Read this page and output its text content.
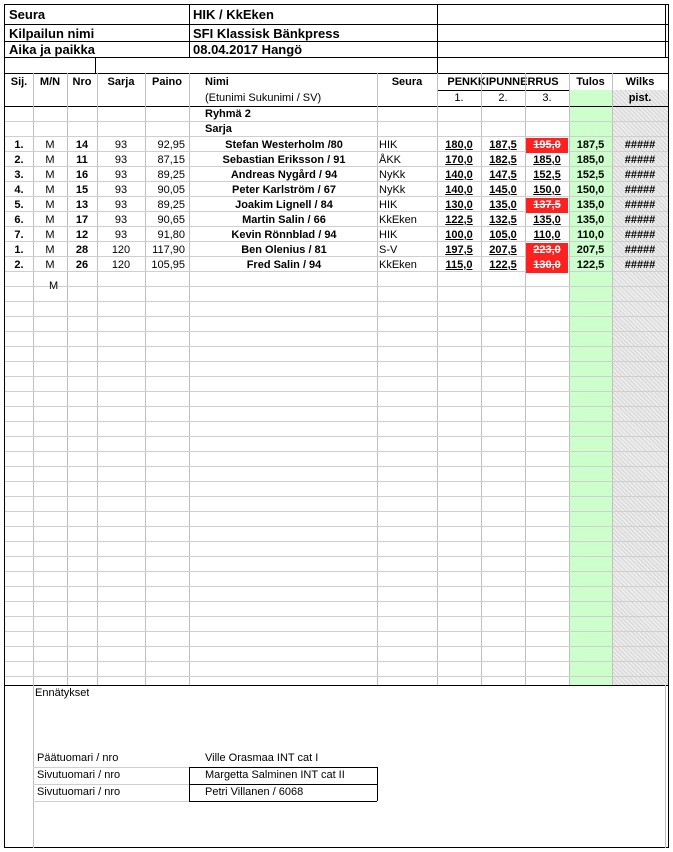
Seura	HIK / KkEken
Kilpailun nimi	SFI Klassisk Bänkpress
Aika ja paikka	08.04.2017 Hangö
Sij.	M/N	Nro	Sarja	Paino	Nimi
(Etunimi Sukunimi / SV)
Seura	PENKKIPUNNERRUS
1.	2.	3.
Tulos	Wilks
pist.
Ryhmä 2
Sarja
1.	M	14	93	92,95	Stefan Westerholm /80	HIK	180,0	187,5	195,0	187,5	#####
2.	M	11	93	87,15	Sebastian Eriksson / 91	ÅKK	170,0	182,5	185,0	185,0	#####
3.	M	16	93	89,25	Andreas Nygård / 94	NyKk	140,0	147,5	152,5	152,5	#####
4.	M	15	93	90,05	Peter Karlström / 67	NyKk	140,0	145,0	150,0	150,0	#####
5.	M	13	93	89,25	Joakim Lignell / 84	HIK	130,0	135,0	137,5	135,0	#####
6.	M	17	93	90,65	Martin Salin / 66	KkEken	122,5	132,5	135,0	135,0	#####
7.	M	12	93	91,80	Kevin Rönnblad / 94	HIK	100,0	105,0	110,0	110,0	#####
1.	M	28	120	117,90	Ben Olenius / 81	S-V	197,5	207,5	223,0	207,5	#####
2.	M	26	120	105,95	Fred Salin / 94	KkEken	115,0	122,5	130,0	122,5	#####
M
Ennätykset
Päätuomari / nro	Ville Orasmaa INT cat I
Sivutuomari / nro	Margetta Salminen INT cat II
Sivutuomari / nro	Petri Villanen / 6068
